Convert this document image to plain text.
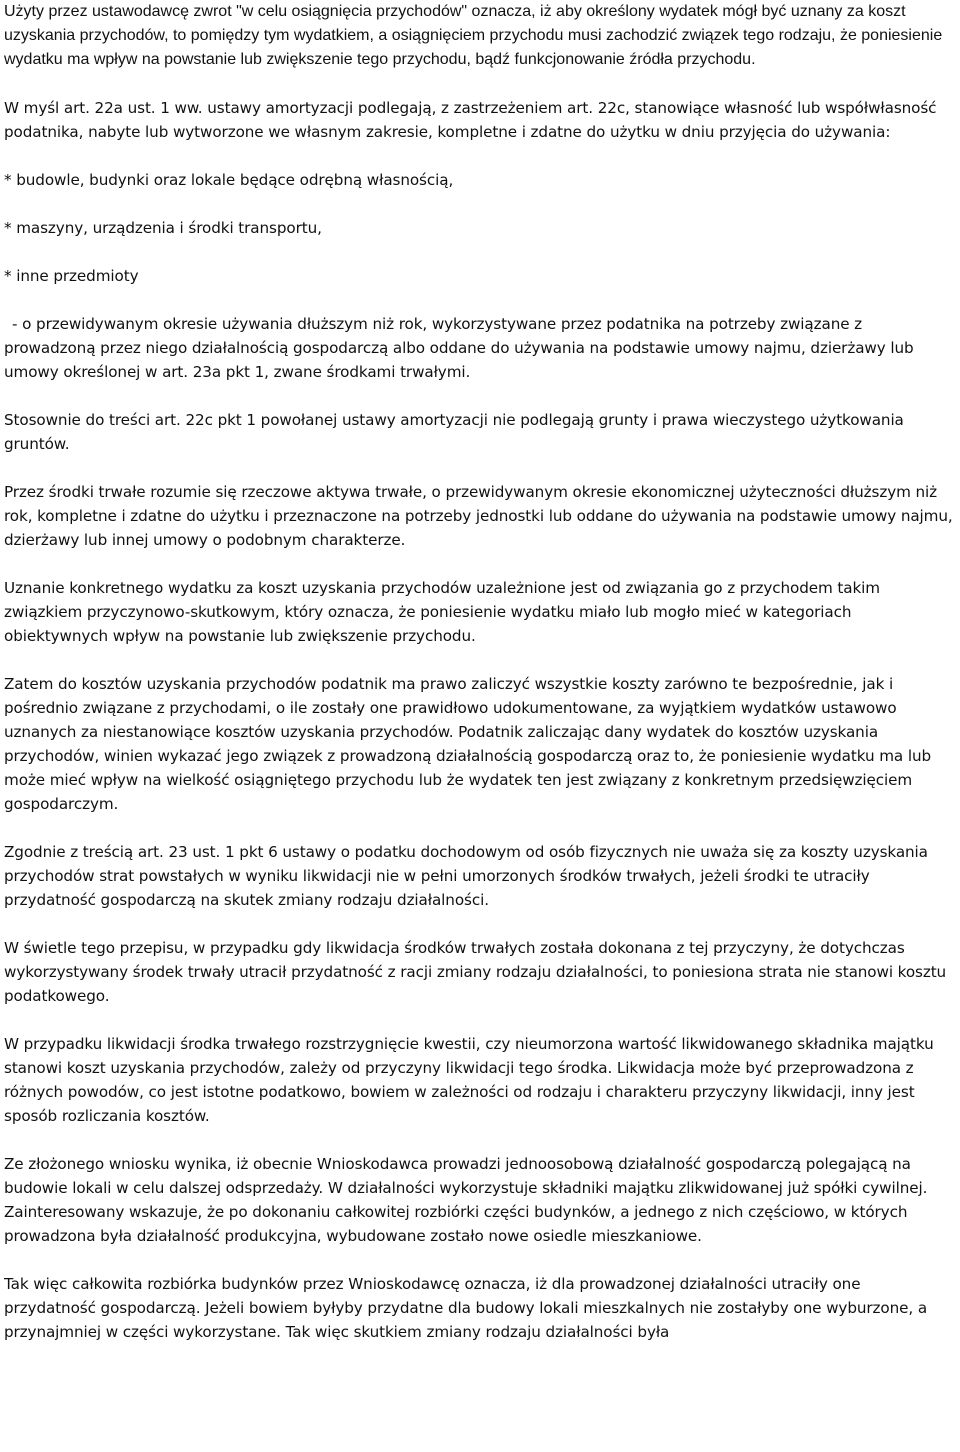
Użyty przez ustawodawcę zwrot "w celu osiągnięcia przychodów" oznacza, iż aby określony wydatek mógł być uznany za koszt uzyskania przychodów, to pomiędzy tym wydatkiem, a osiągnięciem przychodu musi zachodzić związek tego rodzaju, że poniesienie wydatku ma wpływ na powstanie lub zwiększenie tego przychodu, bądź funkcjonowanie źródła przychodu.

W myśl art. 22a ust. 1 ww. ustawy amortyzacji podlegają, z zastrzeżeniem art. 22c, stanowiące własność lub współwłasność podatnika, nabyte lub wytworzone we własnym zakresie, kompletne i zdatne do użytku w dniu przyjęcia do używania:

* budowle, budynki oraz lokale będące odrębną własnością,

* maszyny, urządzenia i środki transportu,

* inne przedmioty

- o przewidywanym okresie używania dłuższym niż rok, wykorzystywane przez podatnika na potrzeby związane z prowadzoną przez niego działalnością gospodarczą albo oddane do używania na podstawie umowy najmu, dzierżawy lub umowy określonej w art. 23a pkt 1, zwane środkami trwałymi.

Stosownie do treści art. 22c pkt 1 powołanej ustawy amortyzacji nie podlegają grunty i prawa wieczystego użytkowania gruntów.

Przez środki trwałe rozumie się rzeczowe aktywa trwałe, o przewidywanym okresie ekonomicznej użyteczności dłuższym niż rok, kompletne i zdatne do użytku i przeznaczone na potrzeby jednostki lub oddane do używania na podstawie umowy najmu, dzierżawy lub innej umowy o podobnym charakterze.

Uznanie konkretnego wydatku za koszt uzyskania przychodów uzależnione jest od związania go z przychodem takim związkiem przyczynowo-skutkowym, który oznacza, że poniesienie wydatku miało lub mogło mieć w kategoriach obiektywnych wpływ na powstanie lub zwiększenie przychodu.

Zatem do kosztów uzyskania przychodów podatnik ma prawo zaliczyć wszystkie koszty zarówno te bezpośrednie, jak i pośrednio związane z przychodami, o ile zostały one prawidłowo udokumentowane, za wyjątkiem wydatków ustawowo uznanych za niestanowiące kosztów uzyskania przychodów. Podatnik zaliczając dany wydatek do kosztów uzyskania przychodów, winien wykazać jego związek z prowadzoną działalnością gospodarczą oraz to, że poniesienie wydatku ma lub może mieć wpływ na wielkość osiągniętego przychodu lub że wydatek ten jest związany z konkretnym przedsięwzięciem gospodarczym.

Zgodnie z treścią art. 23 ust. 1 pkt 6 ustawy o podatku dochodowym od osób fizycznych nie uważa się za koszty uzyskania przychodów strat powstałych w wyniku likwidacji nie w pełni umorzonych środków trwałych, jeżeli środki te utraciły przydatność gospodarczą na skutek zmiany rodzaju działalności.

W świetle tego przepisu, w przypadku gdy likwidacja środków trwałych została dokonana z tej przyczyny, że dotychczas wykorzystywany środek trwały utracił przydatność z racji zmiany rodzaju działalności, to poniesiona strata nie stanowi kosztu podatkowego.

W przypadku likwidacji środka trwałego rozstrzygnięcie kwestii, czy nieumorzona wartość likwidowanego składnika majątku stanowi koszt uzyskania przychodów, zależy od przyczyny likwidacji tego środka. Likwidacja może być przeprowadzona z różnych powodów, co jest istotne podatkowo, bowiem w zależności od rodzaju i charakteru przyczyny likwidacji, inny jest sposób rozliczania kosztów.

Ze złożonego wniosku wynika, iż obecnie Wnioskodawca prowadzi jednoosobową działalność gospodarczą polegającą na budowie lokali w celu dalszej odsprzedaży. W działalności wykorzystuje składniki majątku zlikwidowanej już spółki cywilnej. Zainteresowany wskazuje, że po dokonaniu całkowitej rozbiórki części budynków, a jednego z nich częściowo, w których prowadzona była działalność produkcyjna, wybudowane zostało nowe osiedle mieszkaniowe.

Tak więc całkowita rozbiórka budynków przez Wnioskodawcę oznacza, iż dla prowadzonej działalności utraciły one przydatność gospodarczą. Jeżeli bowiem byłyby przydatne dla budowy lokali mieszkalnych nie zostałyby one wyburzone, a przynajmniej w części wykorzystane. Tak więc skutkiem zmiany rodzaju działalności była
